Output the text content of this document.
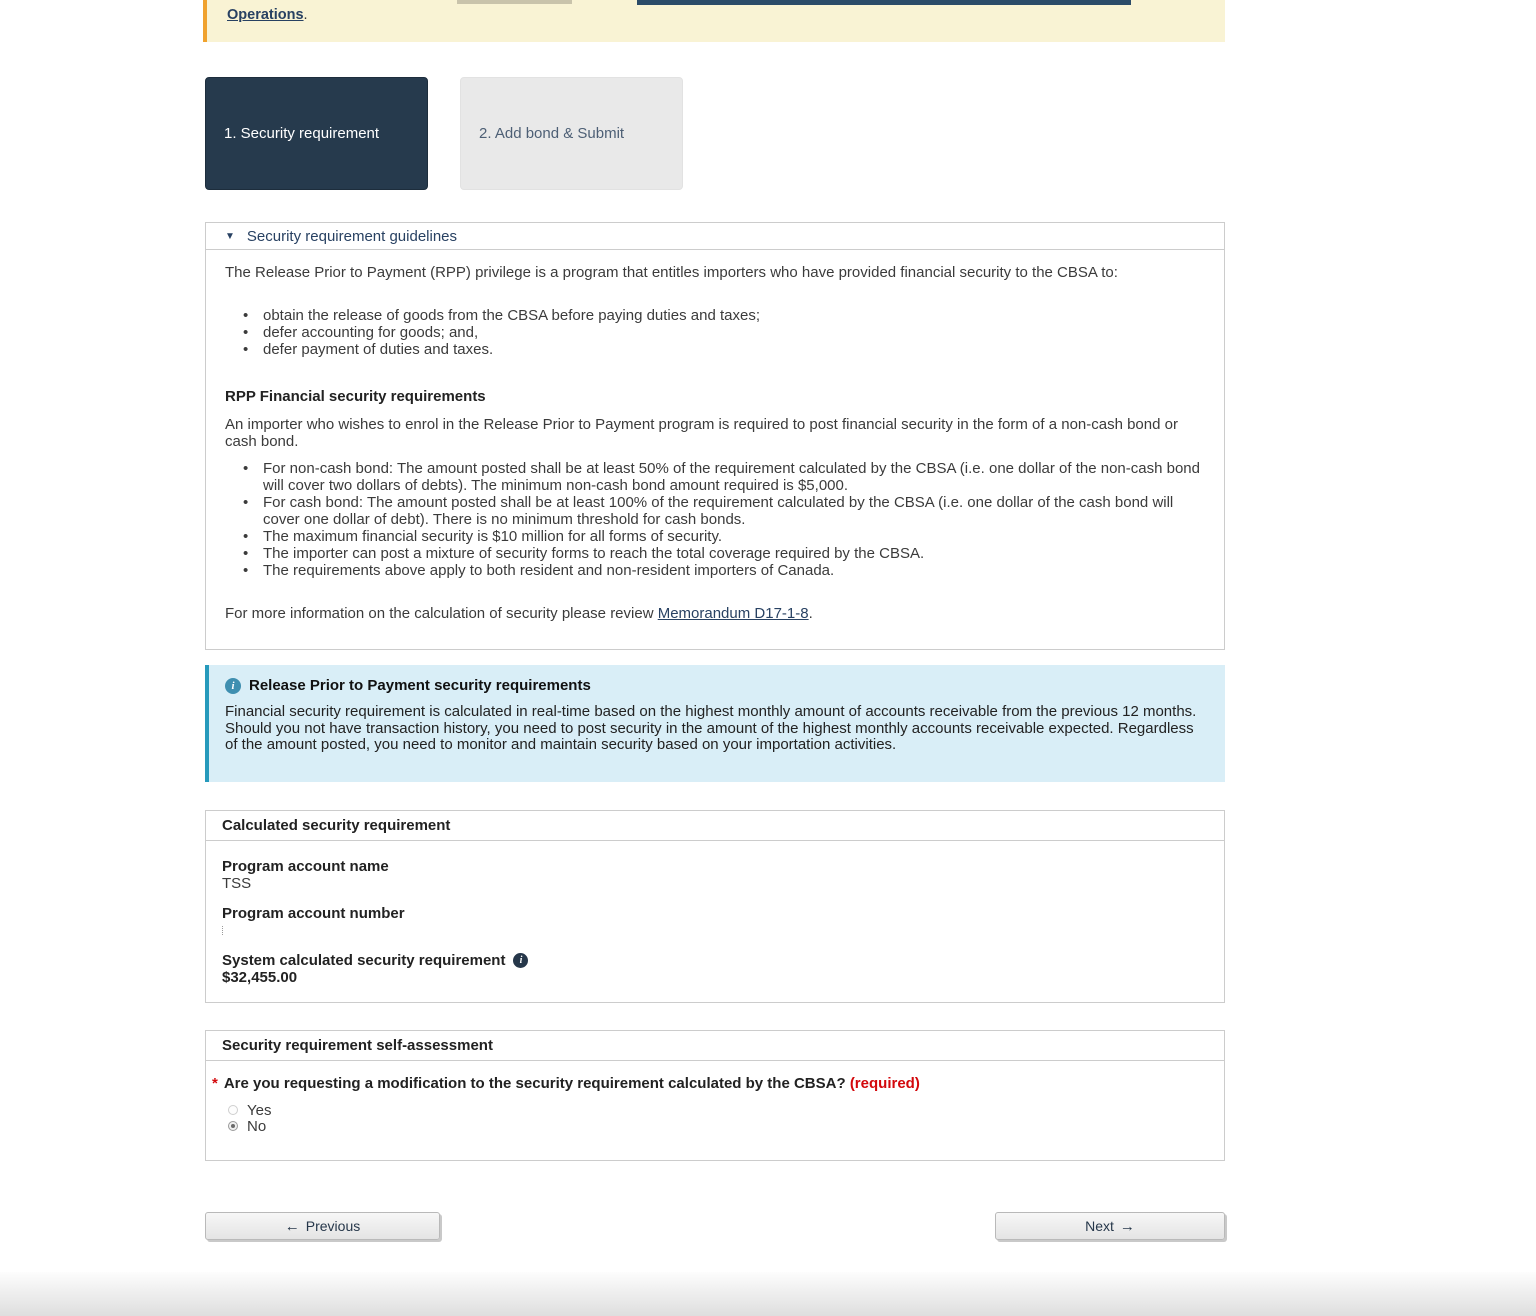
Operations.
1. Security requirement	2. Add bond & Submit
▼ Security requirement guidelines

The Release Prior to Payment (RPP) privilege is a program that entitles importers who have provided financial security to the CBSA to:

• obtain the release of goods from the CBSA before paying duties and taxes;
• defer accounting for goods; and,
• defer payment of duties and taxes.
RPP Financial security requirements

An importer who wishes to enrol in the Release Prior to Payment program is required to post financial security in the form of a non-cash bond or cash bond.

• For non-cash bond: The amount posted shall be at least 50% of the requirement calculated by the CBSA (i.e. one dollar of the non-cash bond will cover two dollars of debts). The minimum non-cash bond amount required is $5,000.
• For cash bond: The amount posted shall be at least 100% of the requirement calculated by the CBSA (i.e. one dollar of the cash bond will cover one dollar of debt). There is no minimum threshold for cash bonds.
• The maximum financial security is $10 million for all forms of security.
• The importer can post a mixture of security forms to reach the total coverage required by the CBSA.
• The requirements above apply to both resident and non-resident importers of Canada.

For more information on the calculation of security please review Memorandum D17-1-8.

i Release Prior to Payment security requirements
Financial security requirement is calculated in real-time based on the highest monthly amount of accounts receivable from the previous 12 months. Should you not have transaction history, you need to post security in the amount of the highest monthly accounts receivable expected. Regardless of the amount posted, you need to monitor and maintain security based on your importation activities.
Calculated security requirement
Program account name
TSS
Program account number
System calculated security requirement	i
$32,455.00
Security requirement self-assessment
* Are you requesting a modification to the security requirement calculated by the CBSA? (required)
Yes
No
← Previous	Next →
